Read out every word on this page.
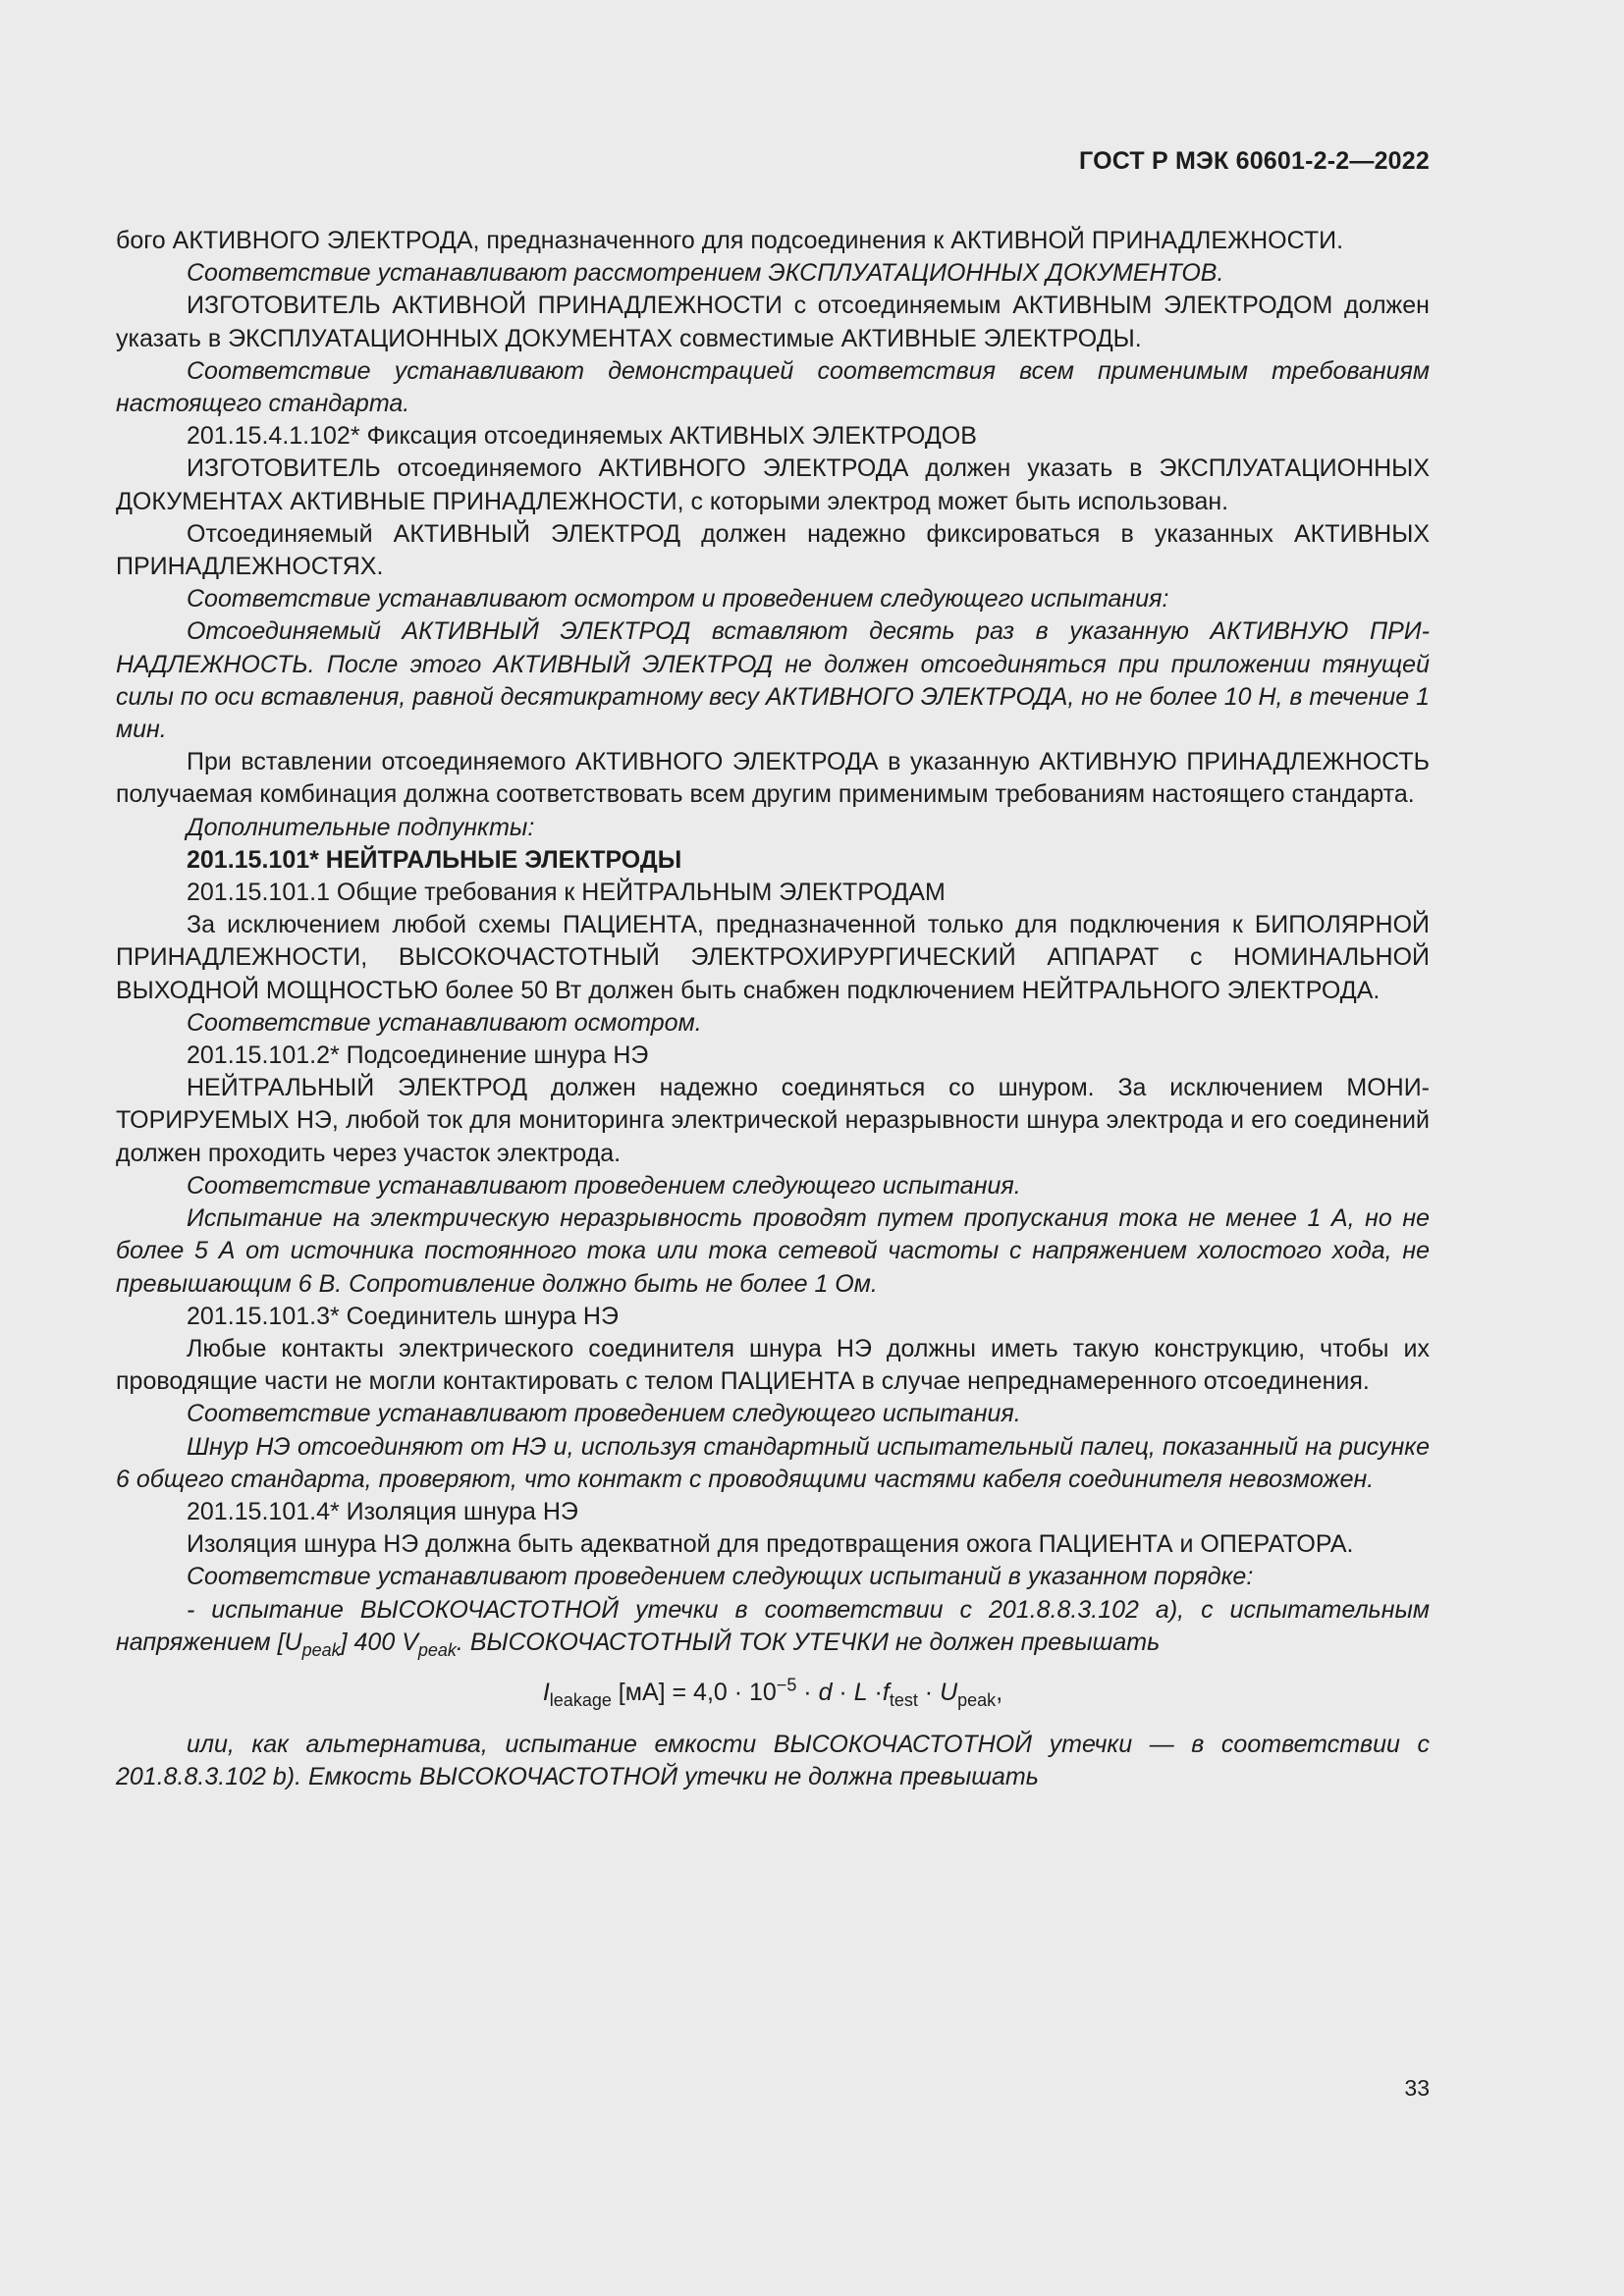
ГОСТ Р МЭК 60601-2-2—2022

бого АКТИВНОГО ЭЛЕКТРОДА, предназначенного для подсоединения к АКТИВНОЙ ПРИНАДЛЕЖНОСТИ.

Соответствие устанавливают рассмотрением ЭКСПЛУАТАЦИОННЫХ ДОКУМЕНТОВ.

ИЗГОТОВИТЕЛЬ АКТИВНОЙ ПРИНАДЛЕЖНОСТИ с отсоединяемым АКТИВНЫМ ЭЛЕКТРОДОМ должен указать в ЭКСПЛУАТАЦИОННЫХ ДОКУМЕНТАХ совместимые АКТИВНЫЕ ЭЛЕКТРОДЫ.

Соответствие устанавливают демонстрацией соответствия всем применимым требованиям настоящего стандарта.

201.15.4.1.102* Фиксация отсоединяемых АКТИВНЫХ ЭЛЕКТРОДОВ

ИЗГОТОВИТЕЛЬ отсоединяемого АКТИВНОГО ЭЛЕКТРОДА должен указать в ЭКСПЛУАТАЦИОННЫХ ДОКУМЕНТАХ АКТИВНЫЕ ПРИНАДЛЕЖНОСТИ, с которыми электрод может быть использован.

Отсоединяемый АКТИВНЫЙ ЭЛЕКТРОД должен надежно фиксироваться в указанных АКТИВНЫХ ПРИНАДЛЕЖНОСТЯХ.

Соответствие устанавливают осмотром и проведением следующего испытания:

Отсоединяемый АКТИВНЫЙ ЭЛЕКТРОД вставляют десять раз в указанную АКТИВНУЮ ПРИНАДЛЕЖНОСТЬ. После этого АКТИВНЫЙ ЭЛЕКТРОД не должен отсоединяться при приложении тянущей силы по оси вставления, равной десятикратному весу АКТИВНОГО ЭЛЕКТРОДА, но не более 10 Н, в течение 1 мин.

При вставлении отсоединяемого АКТИВНОГО ЭЛЕКТРОДА в указанную АКТИВНУЮ ПРИНАДЛЕЖНОСТЬ получаемая комбинация должна соответствовать всем другим применимым требованиям настоящего стандарта.

Дополнительные подпункты:

201.15.101* НЕЙТРАЛЬНЫЕ ЭЛЕКТРОДЫ

201.15.101.1 Общие требования к НЕЙТРАЛЬНЫМ ЭЛЕКТРОДАМ

За исключением любой схемы ПАЦИЕНТА, предназначенной только для подключения к БИПОЛЯРНОЙ ПРИНАДЛЕЖНОСТИ, ВЫСОКОЧАСТОТНЫЙ ЭЛЕКТРОХИРУРГИЧЕСКИЙ АППАРАТ с НОМИНАЛЬНОЙ ВЫХОДНОЙ МОЩНОСТЬЮ более 50 Вт должен быть снабжен подключением НЕЙТРАЛЬНОГО ЭЛЕКТРОДА.

Соответствие устанавливают осмотром.

201.15.101.2* Подсоединение шнура НЭ

НЕЙТРАЛЬНЫЙ ЭЛЕКТРОД должен надежно соединяться со шнуром. За исключением МОНИТОРИРУЕМЫХ НЭ, любой ток для мониторинга электрической неразрывности шнура электрода и его соединений должен проходить через участок электрода.

Соответствие устанавливают проведением следующего испытания.

Испытание на электрическую неразрывность проводят путем пропускания тока не менее 1 А, но не более 5 А от источника постоянного тока или тока сетевой частоты с напряжением холостого хода, не превышающим 6 В. Сопротивление должно быть не более 1 Ом.

201.15.101.3* Соединитель шнура НЭ

Любые контакты электрического соединителя шнура НЭ должны иметь такую конструкцию, чтобы их проводящие части не могли контактировать с телом ПАЦИЕНТА в случае непреднамеренного отсоединения.

Соответствие устанавливают проведением следующего испытания.

Шнур НЭ отсоединяют от НЭ и, используя стандартный испытательный палец, показанный на рисунке 6 общего стандарта, проверяют, что контакт с проводящими частями кабеля соединителя невозможен.

201.15.101.4* Изоляция шнура НЭ

Изоляция шнура НЭ должна быть адекватной для предотвращения ожога ПАЦИЕНТА и ОПЕРАТОРА.

Соответствие устанавливают проведением следующих испытаний в указанном порядке:

- испытание ВЫСОКОЧАСТОТНОЙ утечки в соответствии с 201.8.8.3.102 a), с испытательным напряжением $[U_{peak}]$ 400 $V_{peak}$. ВЫСОКОЧАСТОТНЫЙ ТОК УТЕЧКИ не должен превышать

$I_{leakage}$ $[мА] = 4,0 \cdot 10^{-5} \cdot d \cdot L \cdot f_{test} \cdot U_{peak}$,

или, как альтернатива, испытание емкости ВЫСОКОЧАСТОТНОЙ утечки — в соответствии с 201.8.8.3.102 b). Емкость ВЫСОКОЧАСТОТНОЙ утечки не должна превышать

33
